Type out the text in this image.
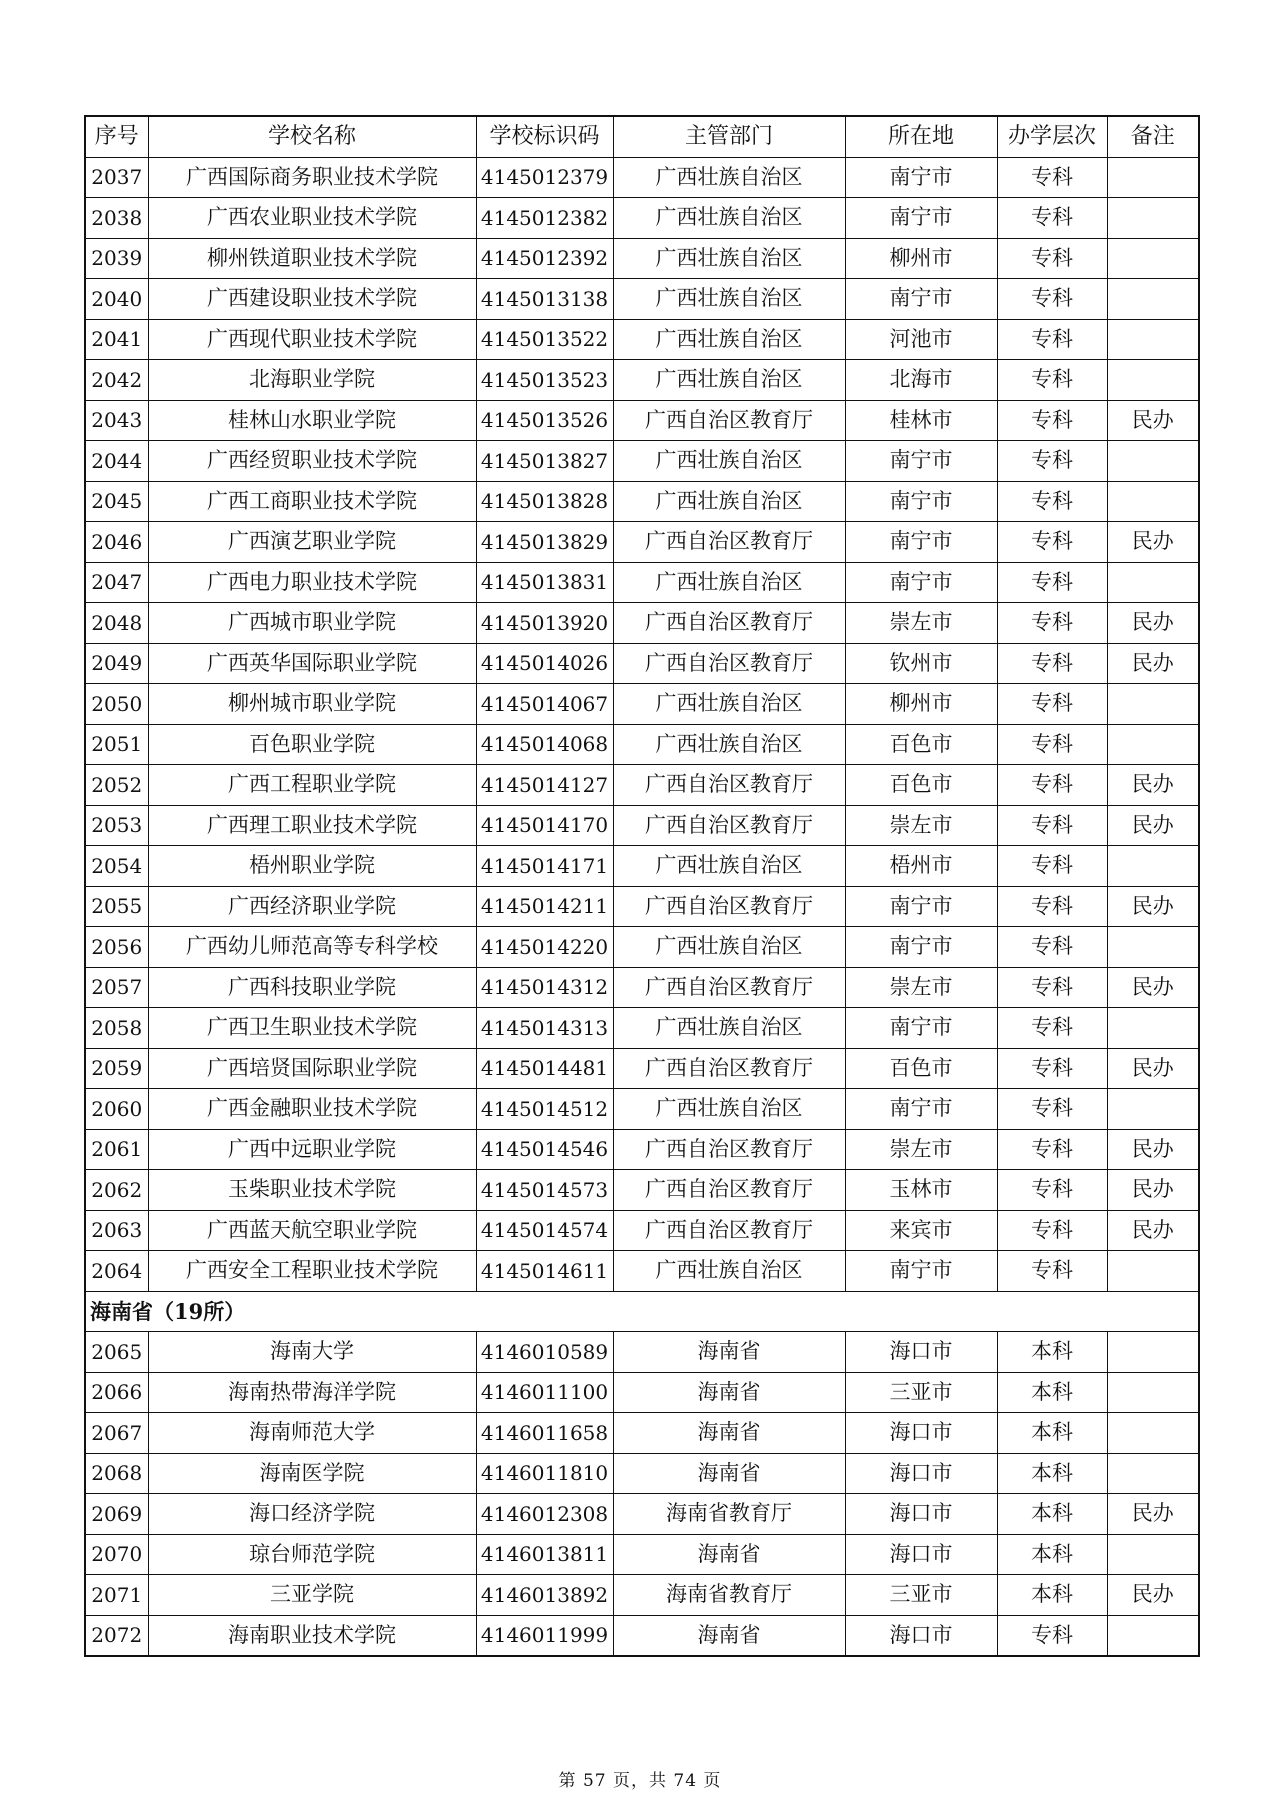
序号	学校名称	学校标识码	主管部门	所在地	办学层次	备注
2037	广西国际商务职业技术学院	4145012379	广西壮族自治区	南宁市	专科	
2038	广西农业职业技术学院	4145012382	广西壮族自治区	南宁市	专科	
2039	柳州铁道职业技术学院	4145012392	广西壮族自治区	柳州市	专科	
2040	广西建设职业技术学院	4145013138	广西壮族自治区	南宁市	专科	
2041	广西现代职业技术学院	4145013522	广西壮族自治区	河池市	专科	
2042	北海职业学院	4145013523	广西壮族自治区	北海市	专科	
2043	桂林山水职业学院	4145013526	广西自治区教育厅	桂林市	专科	民办
2044	广西经贸职业技术学院	4145013827	广西壮族自治区	南宁市	专科	
2045	广西工商职业技术学院	4145013828	广西壮族自治区	南宁市	专科	
2046	广西演艺职业学院	4145013829	广西自治区教育厅	南宁市	专科	民办
2047	广西电力职业技术学院	4145013831	广西壮族自治区	南宁市	专科	
2048	广西城市职业学院	4145013920	广西自治区教育厅	崇左市	专科	民办
2049	广西英华国际职业学院	4145014026	广西自治区教育厅	钦州市	专科	民办
2050	柳州城市职业学院	4145014067	广西壮族自治区	柳州市	专科	
2051	百色职业学院	4145014068	广西壮族自治区	百色市	专科	
2052	广西工程职业学院	4145014127	广西自治区教育厅	百色市	专科	民办
2053	广西理工职业技术学院	4145014170	广西自治区教育厅	崇左市	专科	民办
2054	梧州职业学院	4145014171	广西壮族自治区	梧州市	专科	
2055	广西经济职业学院	4145014211	广西自治区教育厅	南宁市	专科	民办
2056	广西幼儿师范高等专科学校	4145014220	广西壮族自治区	南宁市	专科	
2057	广西科技职业学院	4145014312	广西自治区教育厅	崇左市	专科	民办
2058	广西卫生职业技术学院	4145014313	广西壮族自治区	南宁市	专科	
2059	广西培贤国际职业学院	4145014481	广西自治区教育厅	百色市	专科	民办
2060	广西金融职业技术学院	4145014512	广西壮族自治区	南宁市	专科	
2061	广西中远职业学院	4145014546	广西自治区教育厅	崇左市	专科	民办
2062	玉柴职业技术学院	4145014573	广西自治区教育厅	玉林市	专科	民办
2063	广西蓝天航空职业学院	4145014574	广西自治区教育厅	来宾市	专科	民办
2064	广西安全工程职业技术学院	4145014611	广西壮族自治区	南宁市	专科	
海南省（19所）						
2065	海南大学	4146010589	海南省	海口市	本科	
2066	海南热带海洋学院	4146011100	海南省	三亚市	本科	
2067	海南师范大学	4146011658	海南省	海口市	本科	
2068	海南医学院	4146011810	海南省	海口市	本科	
2069	海口经济学院	4146012308	海南省教育厅	海口市	本科	民办
2070	琼台师范学院	4146013811	海南省	海口市	本科	
2071	三亚学院	4146013892	海南省教育厅	三亚市	本科	民办
2072	海南职业技术学院	4146011999	海南省	海口市	专科	
第 57 页，共 74 页
